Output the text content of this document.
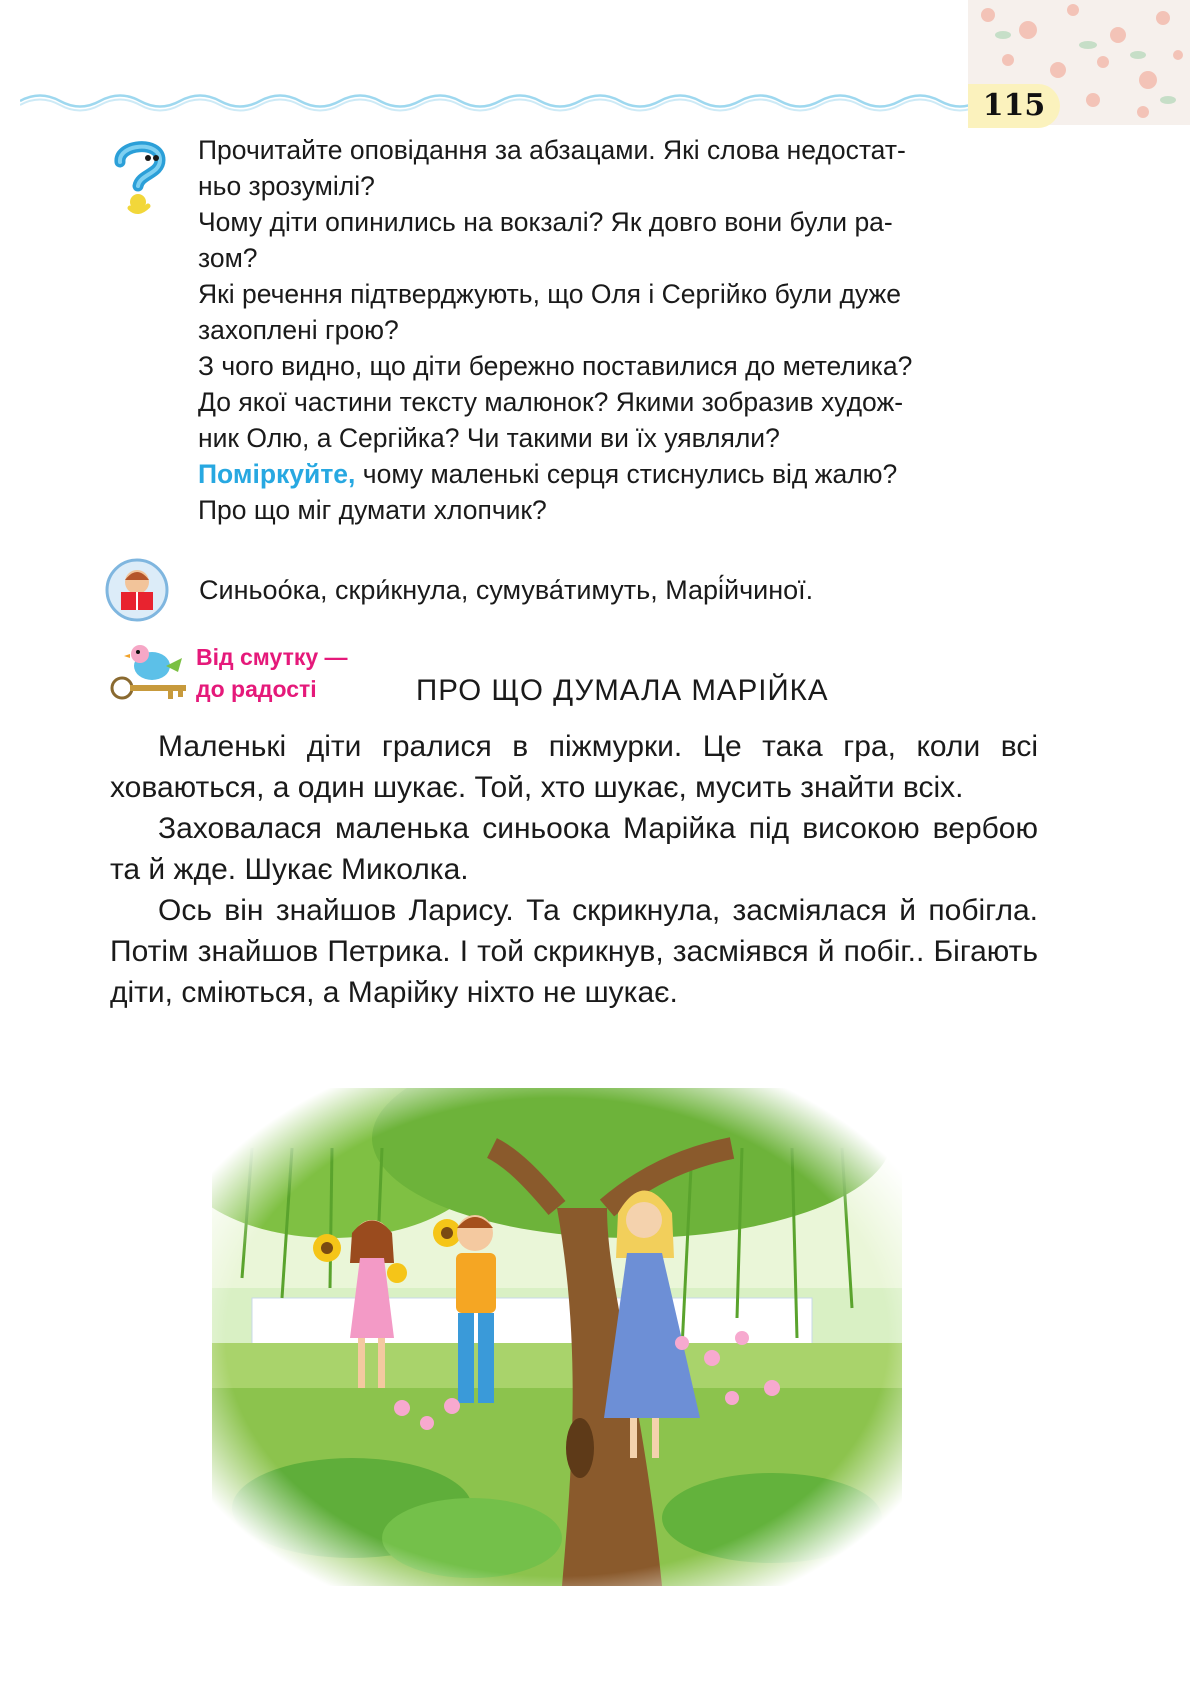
115

Прочитайте оповідання за абзацами. Які слова недостат-

ньо зрозумілі?

Чому діти опинились на вокзалі? Як довго вони були ра-

зом?

Які речення підтверджують, що Оля і Сергійко були дуже

захоплені грою?

З чого видно, що діти бережно поставилися до метелика?

До якої частини тексту малюнок? Якими зобразив худож-

ник Олю, а Сергійка? Чи такими ви їх уявляли?

Поміркуйте, чому маленькі серця стиснулись від жалю?

Про що міг думати хлопчик?

Синьоо́ка, скри́кнула, сумува́тимуть, Марі́йчиної.
Від смутку —
до радості	ПРО ЩО ДУМАЛА МАРІЙКА

Маленькі діти гралися в піжмурки. Це така гра, коли всі ховаються, а один шукає. Той, хто шукає, мусить знайти всіх.

Заховалася маленька синьоока Марійка під високою вербою та й жде. Шукає Миколка.

Ось він знайшов Ларису. Та скрикнула, засміялася й побігла. Потім знайшов Петрика. І той скрикнув, засміявся й побіг.. Бігають діти, сміються, а Марійку ніхто не шукає.
